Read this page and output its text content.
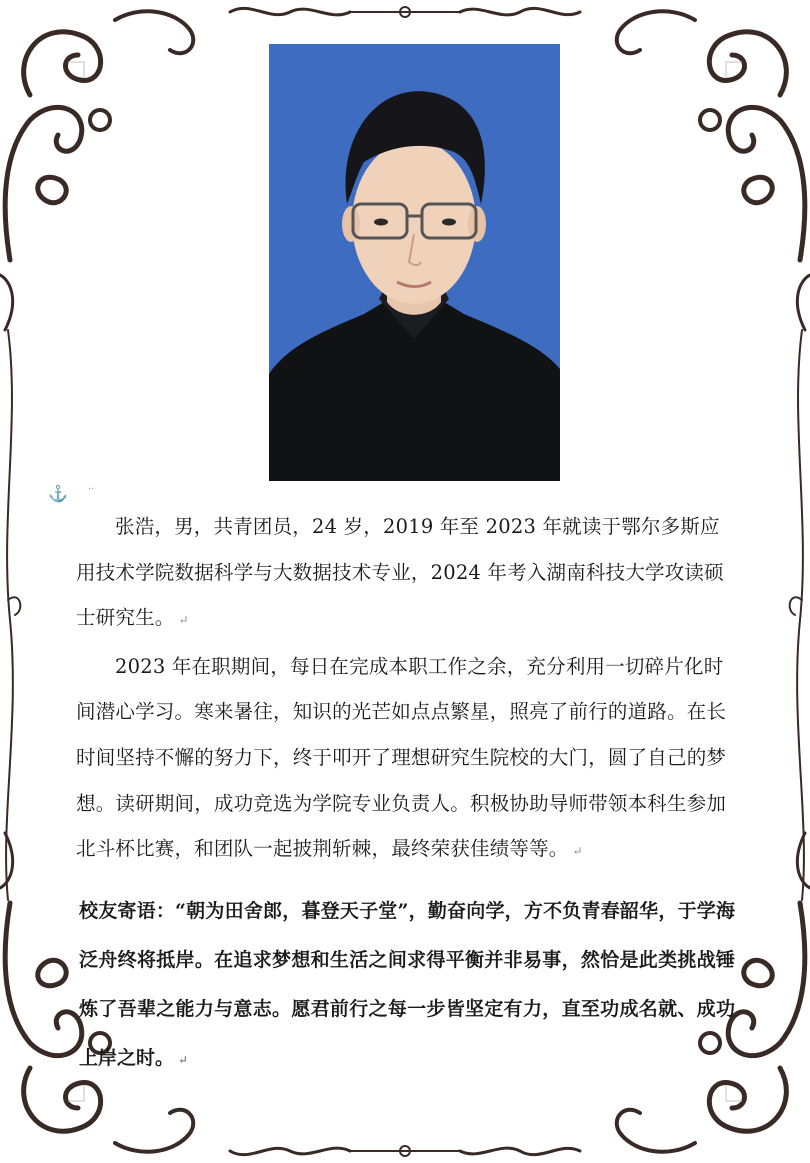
⚓ ··

张浩，男，共青团员，24 岁，2019 年至 2023 年就读于鄂尔多斯应用技术学院数据科学与大数据技术专业，2024 年考入湖南科技大学攻读硕士研究生。 ↵

2023 年在职期间，每日在完成本职工作之余，充分利用一切碎片化时间潜心学习。寒来暑往，知识的光芒如点点繁星，照亮了前行的道路。在长时间坚持不懈的努力下，终于叩开了理想研究生院校的大门，圆了自己的梦想。读研期间，成功竞选为学院专业负责人。积极协助导师带领本科生参加北斗杯比赛，和团队一起披荆斩棘，最终荣获佳绩等等。 ↵

校友寄语：“朝为田舍郎，暮登天子堂”，勤奋向学，方不负青春韶华，于学海泛舟终将抵岸。在追求梦想和生活之间求得平衡并非易事，然恰是此类挑战锤炼了吾辈之能力与意志。愿君前行之每一步皆坚定有力，直至功成名就、成功上岸之时。 ↵
